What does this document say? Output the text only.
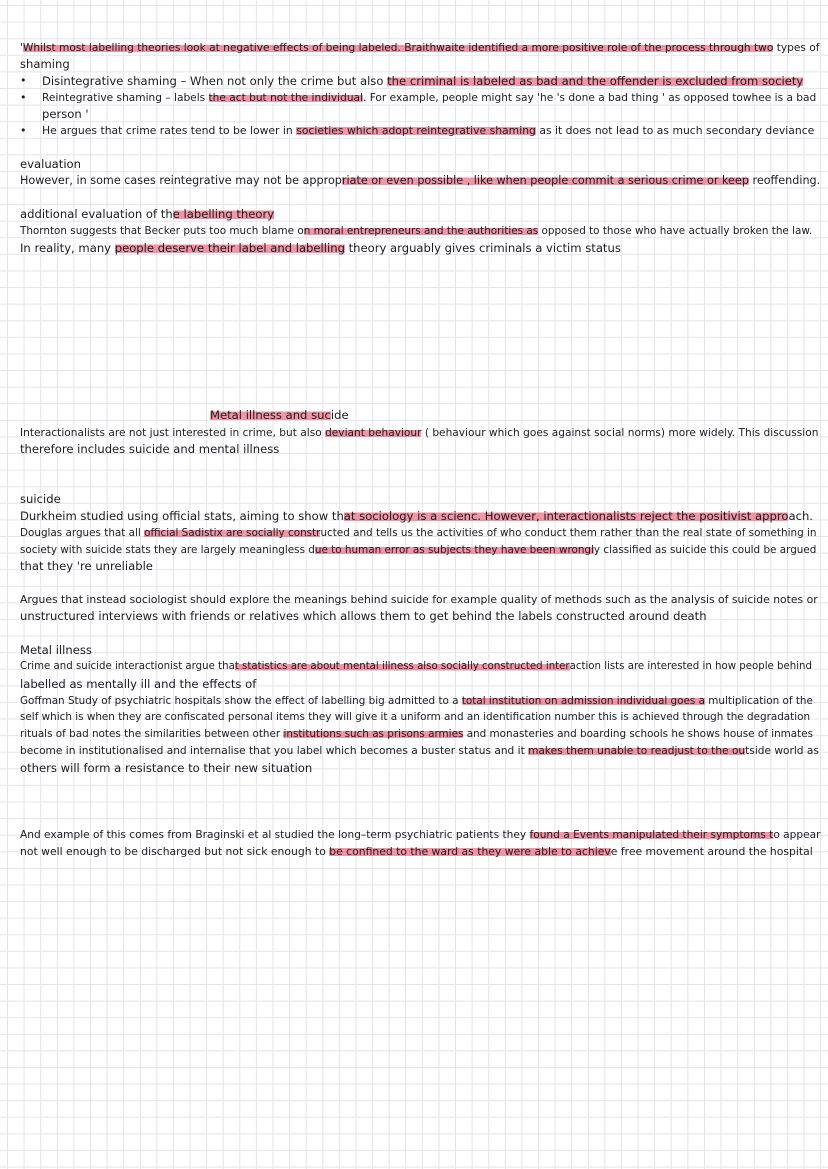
'Whilst most labelling theories look at negative effects of being labeled. Braithwaite identified a more positive role of the process through two types of
shaming
• Disintegrative shaming – When not only the crime but also the criminal is labeled as bad and the offender is excluded from society
• Reintegrative shaming – labels the act but not the individual. For example, people might say 'he 's done a bad thing ' as opposed towhee is a bad
person '
• He argues that crime rates tend to be lower in societies which adopt reintegrative shaming as it does not lead to as much secondary deviance
evaluation
However, in some cases reintegrative may not be appropriate or even possible , like when people commit a serious crime or keep reoffending.
additional evaluation of the labelling theory
Thornton suggests that Becker puts too much blame on moral entrepreneurs and the authorities as opposed to those who have actually broken the law.
In reality, many people deserve their label and labelling theory arguably gives criminals a victim status
Metal illness and sucide
Interactionalists are not just interested in crime, but also deviant behaviour ( behaviour which goes against social norms) more widely. This discussion
therefore includes suicide and mental illness
suicide
Durkheim studied using official stats, aiming to show that sociology is a scienc. However, interactionalists reject the positivist approach.
Douglas argues that all official Sadistix are socially constructed and tells us the activities of who conduct them rather than the real state of something in
society with suicide stats they are largely meaningless due to human error as subjects they have been wrongly classified as suicide this could be argued
that they 're unreliable
Argues that instead sociologist should explore the meanings behind suicide for example quality of methods such as the analysis of suicide notes or
unstructured interviews with friends or relatives which allows them to get behind the labels constructed around death
Metal illness
Crime and suicide interactionist argue that statistics are about mental illness also socially constructed interaction lists are interested in how people behind
labelled as mentally ill and the effects of
Goffman Study of psychiatric hospitals show the effect of labelling big admitted to a total institution on admission individual goes a multiplication of the
self which is when they are confiscated personal items they will give it a uniform and an identification number this is achieved through the degradation
rituals of bad notes the similarities between other institutions such as prisons armies and monasteries and boarding schools he shows house of inmates
become in institutionalised and internalise that you label which becomes a buster status and it makes them unable to readjust to the outside world as
others will form a resistance to their new situation
And example of this comes from Braginski et al studied the long–term psychiatric patients they found a Events manipulated their symptoms to appear
not well enough to be discharged but not sick enough to be confined to the ward as they were able to achieve free movement around the hospital
